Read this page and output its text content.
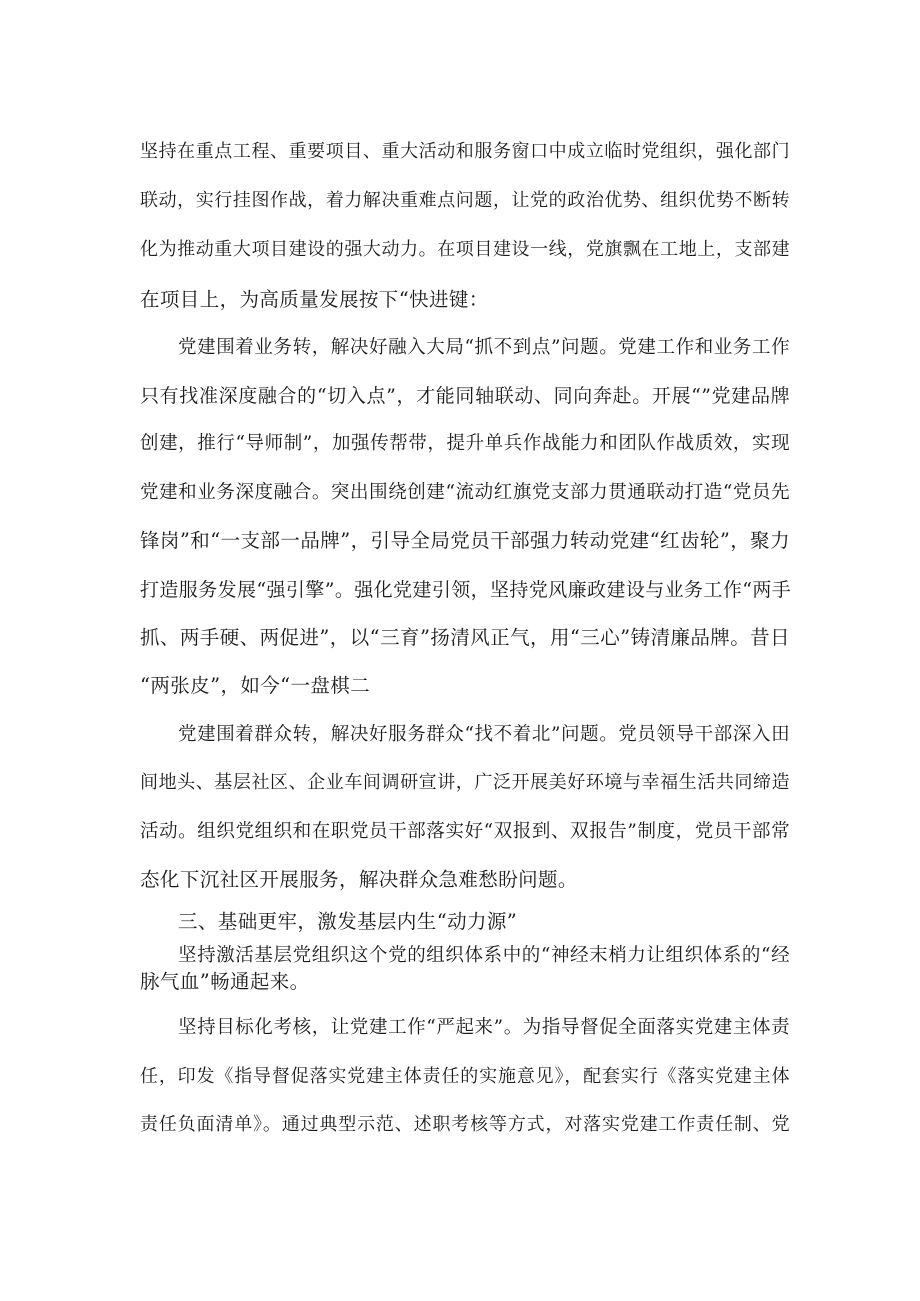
坚持在重点工程、重要项目、重大活动和服务窗口中成立临时党组织，强化部门
联动，实行挂图作战，着力解决重难点问题，让党的政治优势、组织优势不断转
化为推动重大项目建设的强大动力。在项目建设一线，党旗飘在工地上，支部建
在项目上，为高质量发展按下“快进键：
党建围着业务转，解决好融入大局“抓不到点”问题。党建工作和业务工作
只有找准深度融合的“切入点”，才能同轴联动、同向奔赴。开展“”党建品牌
创建，推行“导师制”，加强传帮带，提升单兵作战能力和团队作战质效，实现
党建和业务深度融合。突出围绕创建“流动红旗党支部力贯通联动打造“党员先
锋岗”和“一支部一品牌”，引导全局党员干部强力转动党建“红齿轮”，聚力
打造服务发展“强引擎”。强化党建引领，坚持党风廉政建设与业务工作“两手
抓、两手硬、两促进”，以“三育”扬清风正气，用“三心”铸清廉品牌。昔日
“两张皮”，如今“一盘棋二
党建围着群众转，解决好服务群众“找不着北”问题。党员领导干部深入田
间地头、基层社区、企业车间调研宣讲，广泛开展美好环境与幸福生活共同缔造
活动。组织党组织和在职党员干部落实好“双报到、双报告”制度，党员干部常
态化下沉社区开展服务，解决群众急难愁盼问题。
三、基础更牢，激发基层内生“动力源”
坚持激活基层党组织这个党的组织体系中的“神经末梢力让组织体系的“经
脉气血”畅通起来。
坚持目标化考核，让党建工作“严起来”。为指导督促全面落实党建主体责
任，印发《指导督促落实党建主体责任的实施意见》，配套实行《落实党建主体
责任负面清单》。通过典型示范、述职考核等方式，对落实党建工作责任制、党
